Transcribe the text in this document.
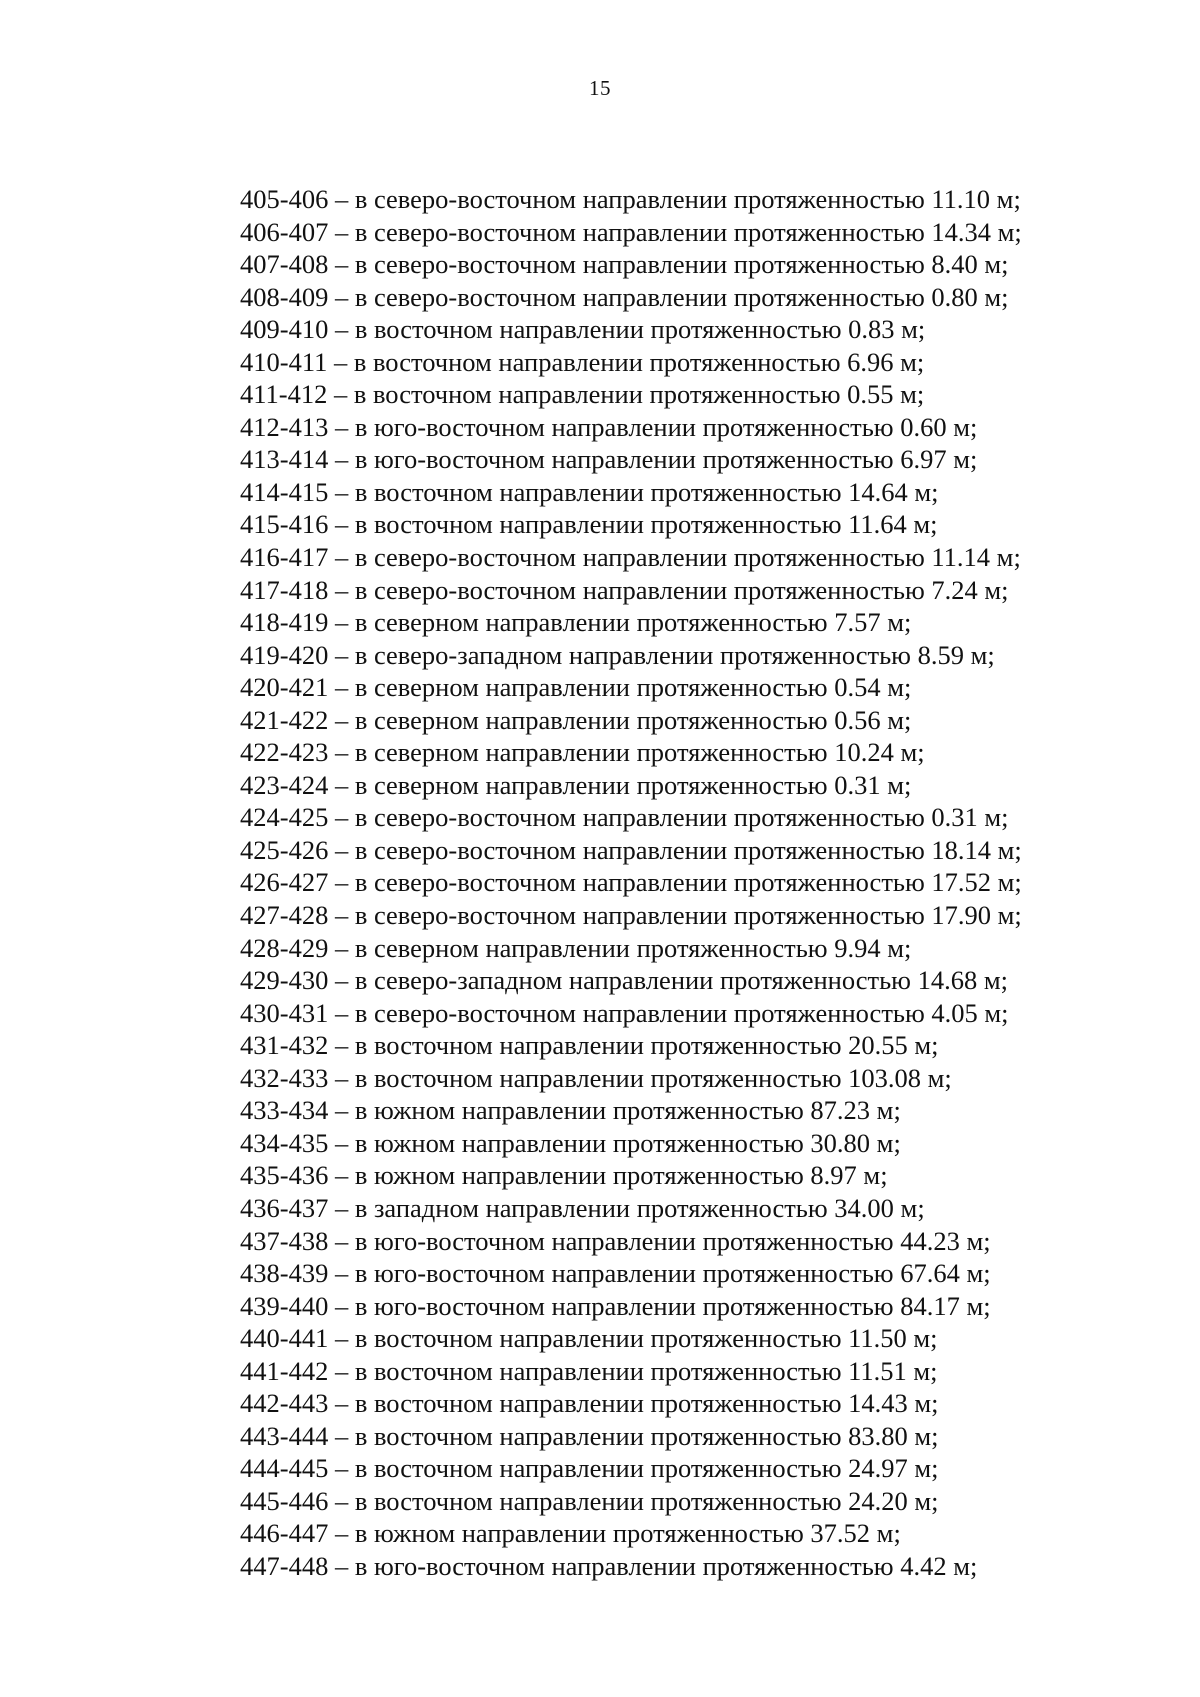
15
405-406 – в северо-восточном направлении протяженностью 11.10 м;
406-407 – в северо-восточном направлении протяженностью 14.34 м;
407-408 – в северо-восточном направлении протяженностью 8.40 м;
408-409 – в северо-восточном направлении протяженностью 0.80 м;
409-410 – в восточном направлении протяженностью 0.83 м;
410-411 – в восточном направлении протяженностью 6.96 м;
411-412 – в восточном направлении протяженностью 0.55 м;
412-413 – в юго-восточном направлении протяженностью 0.60 м;
413-414 – в юго-восточном направлении протяженностью 6.97 м;
414-415 – в восточном направлении протяженностью 14.64 м;
415-416 – в восточном направлении протяженностью 11.64 м;
416-417 – в северо-восточном направлении протяженностью 11.14 м;
417-418 – в северо-восточном направлении протяженностью 7.24 м;
418-419 – в северном направлении протяженностью 7.57 м;
419-420 – в северо-западном направлении протяженностью 8.59 м;
420-421 – в северном направлении протяженностью 0.54 м;
421-422 – в северном направлении протяженностью 0.56 м;
422-423 – в северном направлении протяженностью 10.24 м;
423-424 – в северном направлении протяженностью 0.31 м;
424-425 – в северо-восточном направлении протяженностью 0.31 м;
425-426 – в северо-восточном направлении протяженностью 18.14 м;
426-427 – в северо-восточном направлении протяженностью 17.52 м;
427-428 – в северо-восточном направлении протяженностью 17.90 м;
428-429 – в северном направлении протяженностью 9.94 м;
429-430 – в северо-западном направлении протяженностью 14.68 м;
430-431 – в северо-восточном направлении протяженностью 4.05 м;
431-432 – в восточном направлении протяженностью 20.55 м;
432-433 – в восточном направлении протяженностью 103.08 м;
433-434 – в южном направлении протяженностью 87.23 м;
434-435 – в южном направлении протяженностью 30.80 м;
435-436 – в южном направлении протяженностью 8.97 м;
436-437 – в западном направлении протяженностью 34.00 м;
437-438 – в юго-восточном направлении протяженностью 44.23 м;
438-439 – в юго-восточном направлении протяженностью 67.64 м;
439-440 – в юго-восточном направлении протяженностью 84.17 м;
440-441 – в восточном направлении протяженностью 11.50 м;
441-442 – в восточном направлении протяженностью 11.51 м;
442-443 – в восточном направлении протяженностью 14.43 м;
443-444 – в восточном направлении протяженностью 83.80 м;
444-445 – в восточном направлении протяженностью 24.97 м;
445-446 – в восточном направлении протяженностью 24.20 м;
446-447 – в южном направлении протяженностью 37.52 м;
447-448 – в юго-восточном направлении протяженностью 4.42 м;
